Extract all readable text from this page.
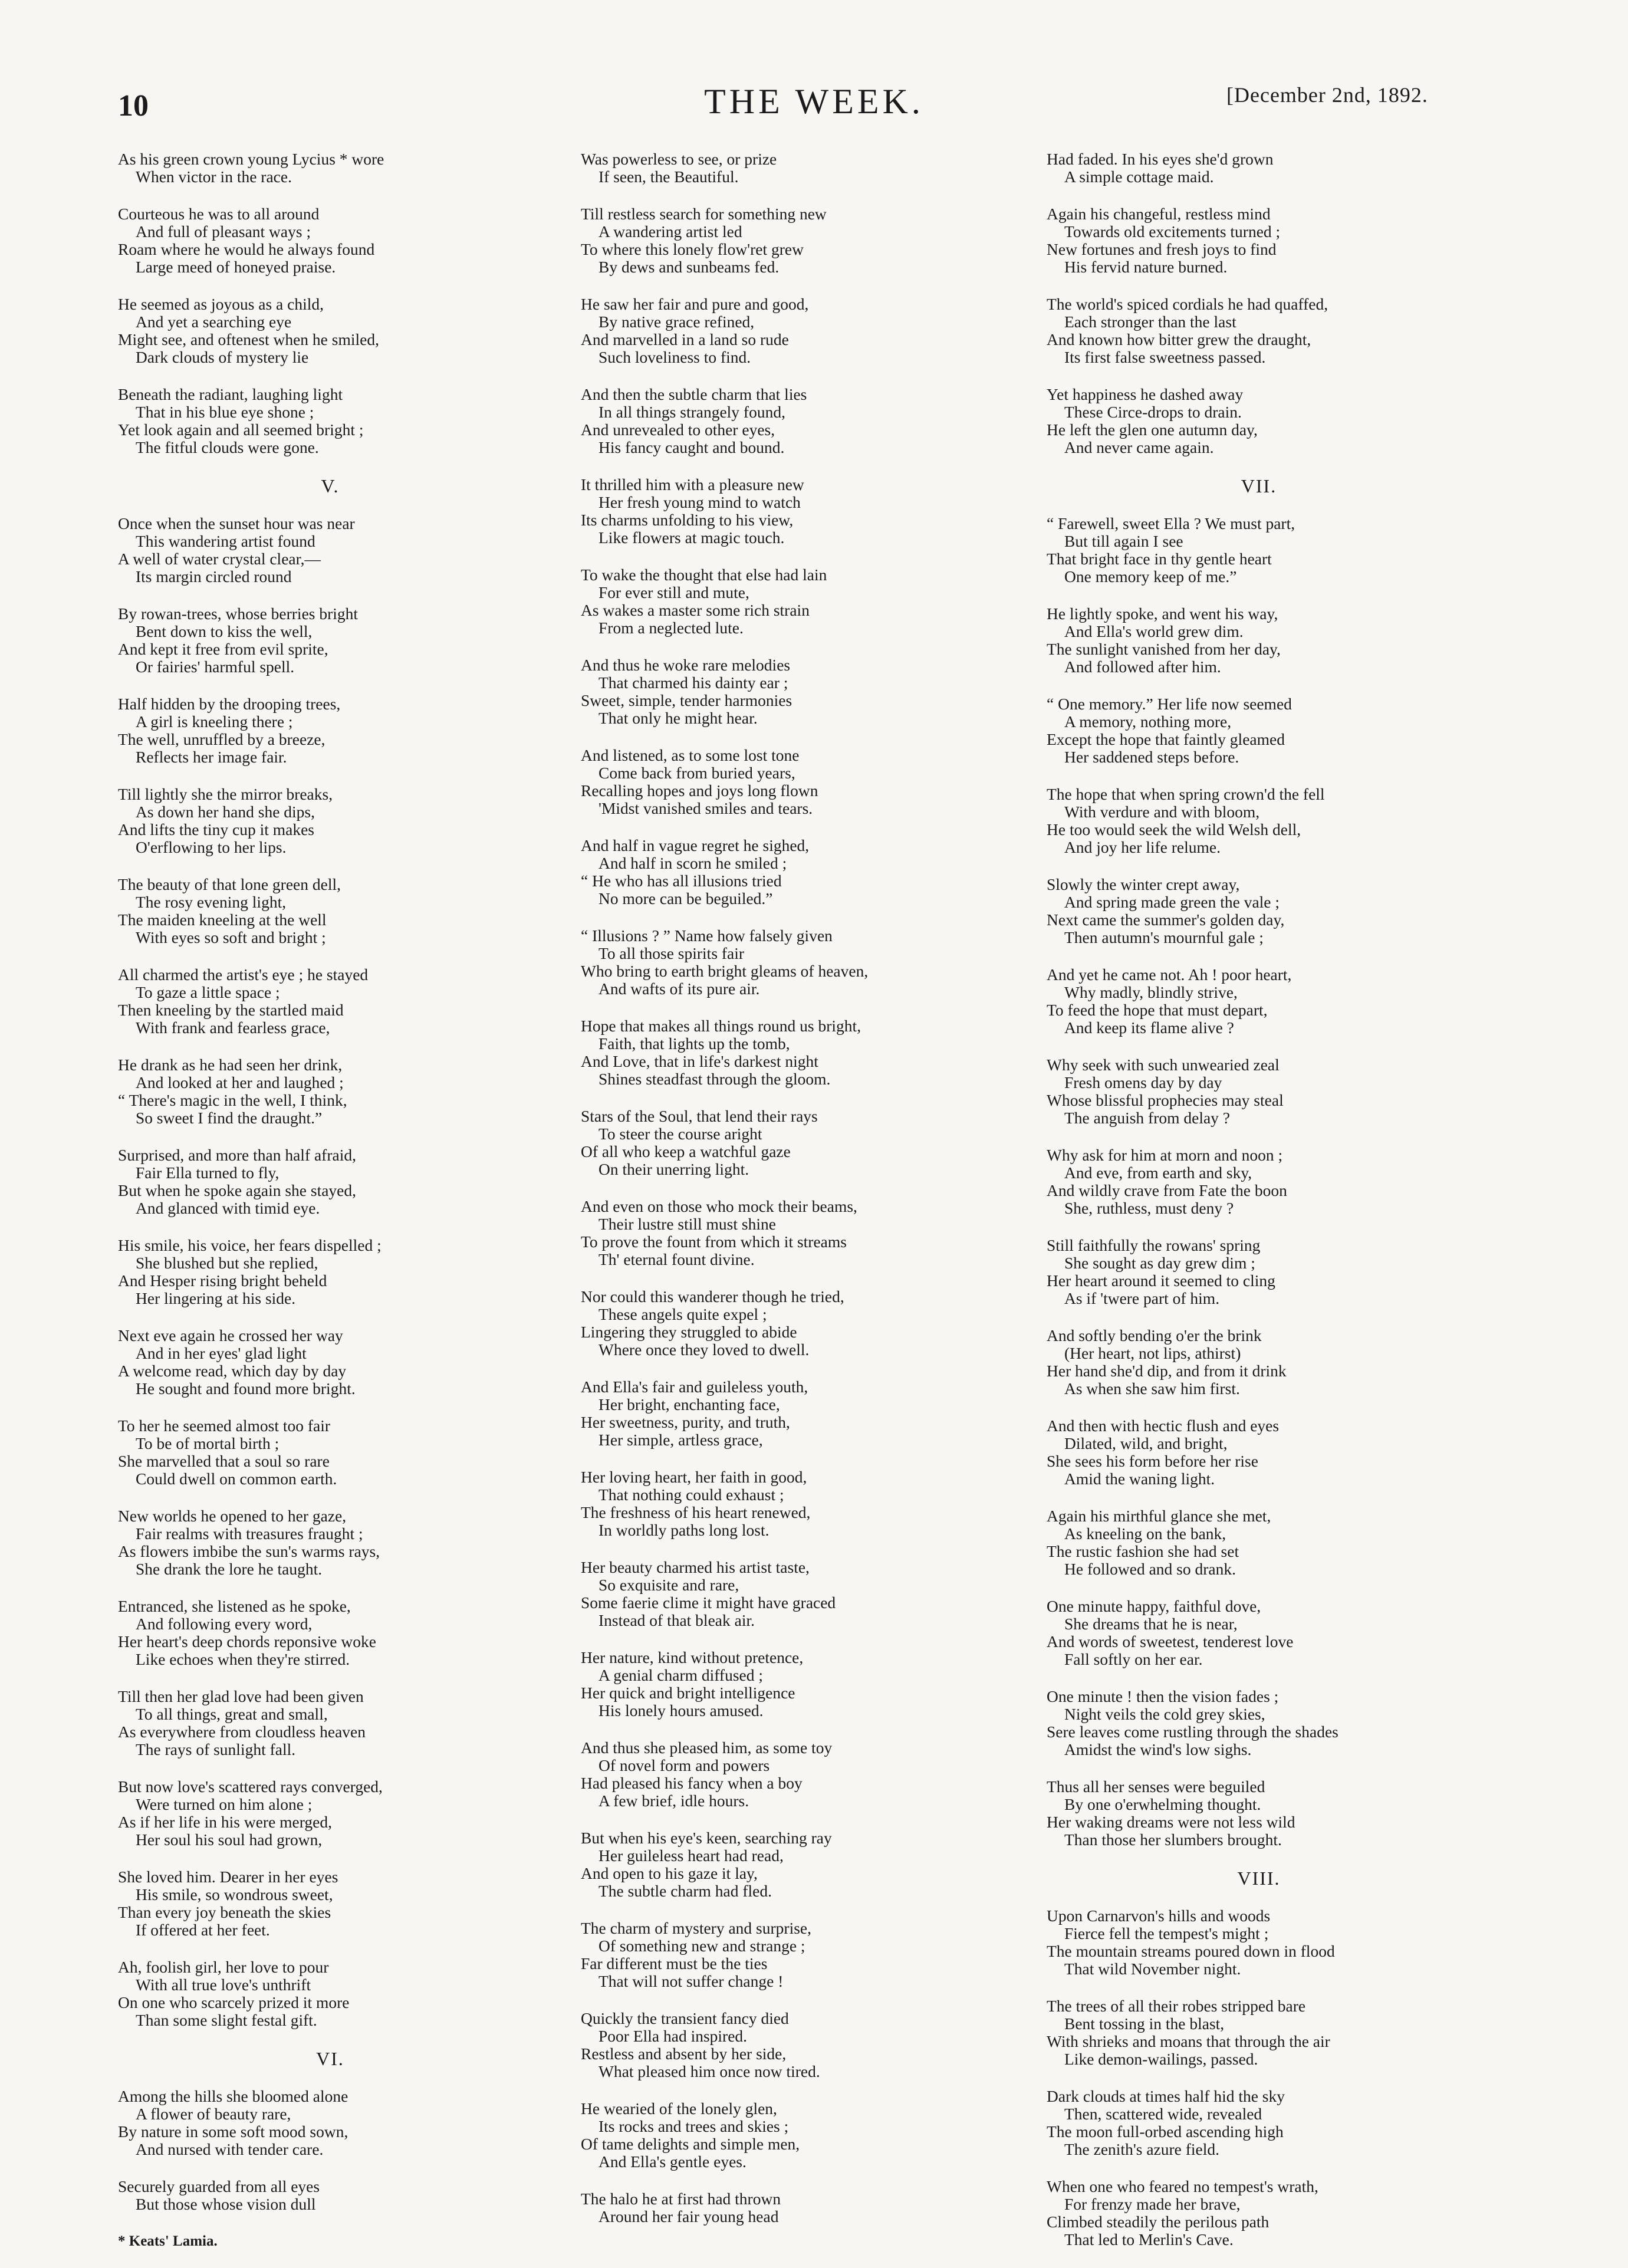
10	THE WEEK.	[December 2nd, 1892.
As his green crown young Lycius * wore
When victor in the race.
Courteous he was to all around
And full of pleasant ways ;
Roam where he would he always found
Large meed of honeyed praise.
He seemed as joyous as a child,
And yet a searching eye
Might see, and oftenest when he smiled,
Dark clouds of mystery lie
Beneath the radiant, laughing light
That in his blue eye shone ;
Yet look again and all seemed bright ;
The fitful clouds were gone.
V.
Once when the sunset hour was near
This wandering artist found
A well of water crystal clear,—
Its margin circled round
By rowan-trees, whose berries bright
Bent down to kiss the well,
And kept it free from evil sprite,
Or fairies' harmful spell.
Half hidden by the drooping trees,
A girl is kneeling there ;
The well, unruffled by a breeze,
Reflects her image fair.
Till lightly she the mirror breaks,
As down her hand she dips,
And lifts the tiny cup it makes
O'erflowing to her lips.
The beauty of that lone green dell,
The rosy evening light,
The maiden kneeling at the well
With eyes so soft and bright ;
All charmed the artist's eye ; he stayed
To gaze a little space ;
Then kneeling by the startled maid
With frank and fearless grace,
He drank as he had seen her drink,
And looked at her and laughed ;
“ There's magic in the well, I think,
So sweet I find the draught.”
Surprised, and more than half afraid,
Fair Ella turned to fly,
But when he spoke again she stayed,
And glanced with timid eye.
His smile, his voice, her fears dispelled ;
She blushed but she replied,
And Hesper rising bright beheld
Her lingering at his side.
Next eve again he crossed her way
And in her eyes' glad light
A welcome read, which day by day
He sought and found more bright.
To her he seemed almost too fair
To be of mortal birth ;
She marvelled that a soul so rare
Could dwell on common earth.
New worlds he opened to her gaze,
Fair realms with treasures fraught ;
As flowers imbibe the sun's warms rays,
She drank the lore he taught.
Entranced, she listened as he spoke,
And following every word,
Her heart's deep chords reponsive woke
Like echoes when they're stirred.
Till then her glad love had been given
To all things, great and small,
As everywhere from cloudless heaven
The rays of sunlight fall.
But now love's scattered rays converged,
Were turned on him alone ;
As if her life in his were merged,
Her soul his soul had grown,
She loved him. Dearer in her eyes
His smile, so wondrous sweet,
Than every joy beneath the skies
If offered at her feet.
Ah, foolish girl, her love to pour
With all true love's unthrift
On one who scarcely prized it more
Than some slight festal gift.
VI.
Among the hills she bloomed alone
A flower of beauty rare,
By nature in some soft mood sown,
And nursed with tender care.
Securely guarded from all eyes
But those whose vision dull
* Keats' Lamia.
Was powerless to see, or prize
If seen, the Beautiful.
Till restless search for something new
A wandering artist led
To where this lonely flow'ret grew
By dews and sunbeams fed.
He saw her fair and pure and good,
By native grace refined,
And marvelled in a land so rude
Such loveliness to find.
And then the subtle charm that lies
In all things strangely found,
And unrevealed to other eyes,
His fancy caught and bound.
It thrilled him with a pleasure new
Her fresh young mind to watch
Its charms unfolding to his view,
Like flowers at magic touch.
To wake the thought that else had lain
For ever still and mute,
As wakes a master some rich strain
From a neglected lute.
And thus he woke rare melodies
That charmed his dainty ear ;
Sweet, simple, tender harmonies
That only he might hear.
And listened, as to some lost tone
Come back from buried years,
Recalling hopes and joys long flown
'Midst vanished smiles and tears.
And half in vague regret he sighed,
And half in scorn he smiled ;
“ He who has all illusions tried
No more can be beguiled.”
“ Illusions ? ” Name how falsely given
To all those spirits fair
Who bring to earth bright gleams of heaven,
And wafts of its pure air.
Hope that makes all things round us bright,
Faith, that lights up the tomb,
And Love, that in life's darkest night
Shines steadfast through the gloom.
Stars of the Soul, that lend their rays
To steer the course aright
Of all who keep a watchful gaze
On their unerring light.
And even on those who mock their beams,
Their lustre still must shine
To prove the fount from which it streams
Th' eternal fount divine.
Nor could this wanderer though he tried,
These angels quite expel ;
Lingering they struggled to abide
Where once they loved to dwell.
And Ella's fair and guileless youth,
Her bright, enchanting face,
Her sweetness, purity, and truth,
Her simple, artless grace,
Her loving heart, her faith in good,
That nothing could exhaust ;
The freshness of his heart renewed,
In worldly paths long lost.
Her beauty charmed his artist taste,
So exquisite and rare,
Some faerie clime it might have graced
Instead of that bleak air.
Her nature, kind without pretence,
A genial charm diffused ;
Her quick and bright intelligence
His lonely hours amused.
And thus she pleased him, as some toy
Of novel form and powers
Had pleased his fancy when a boy
A few brief, idle hours.
But when his eye's keen, searching ray
Her guileless heart had read,
And open to his gaze it lay,
The subtle charm had fled.
The charm of mystery and surprise,
Of something new and strange ;
Far different must be the ties
That will not suffer change !
Quickly the transient fancy died
Poor Ella had inspired.
Restless and absent by her side,
What pleased him once now tired.
He wearied of the lonely glen,
Its rocks and trees and skies ;
Of tame delights and simple men,
And Ella's gentle eyes.
The halo he at first had thrown
Around her fair young head
Had faded. In his eyes she'd grown
A simple cottage maid.
Again his changeful, restless mind
Towards old excitements turned ;
New fortunes and fresh joys to find
His fervid nature burned.
The world's spiced cordials he had quaffed,
Each stronger than the last
And known how bitter grew the draught,
Its first false sweetness passed.
Yet happiness he dashed away
These Circe-drops to drain.
He left the glen one autumn day,
And never came again.
VII.
“ Farewell, sweet Ella ? We must part,
But till again I see
That bright face in thy gentle heart
One memory keep of me.”
He lightly spoke, and went his way,
And Ella's world grew dim.
The sunlight vanished from her day,
And followed after him.
“ One memory.” Her life now seemed
A memory, nothing more,
Except the hope that faintly gleamed
Her saddened steps before.
The hope that when spring crown'd the fell
With verdure and with bloom,
He too would seek the wild Welsh dell,
And joy her life relume.
Slowly the winter crept away,
And spring made green the vale ;
Next came the summer's golden day,
Then autumn's mournful gale ;
And yet he came not. Ah ! poor heart,
Why madly, blindly strive,
To feed the hope that must depart,
And keep its flame alive ?
Why seek with such unwearied zeal
Fresh omens day by day
Whose blissful prophecies may steal
The anguish from delay ?
Why ask for him at morn and noon ;
And eve, from earth and sky,
And wildly crave from Fate the boon
She, ruthless, must deny ?
Still faithfully the rowans' spring
She sought as day grew dim ;
Her heart around it seemed to cling
As if 'twere part of him.
And softly bending o'er the brink
(Her heart, not lips, athirst)
Her hand she'd dip, and from it drink
As when she saw him first.
And then with hectic flush and eyes
Dilated, wild, and bright,
She sees his form before her rise
Amid the waning light.
Again his mirthful glance she met,
As kneeling on the bank,
The rustic fashion she had set
He followed and so drank.
One minute happy, faithful dove,
She dreams that he is near,
And words of sweetest, tenderest love
Fall softly on her ear.
One minute ! then the vision fades ;
Night veils the cold grey skies,
Sere leaves come rustling through the shades
Amidst the wind's low sighs.
Thus all her senses were beguiled
By one o'erwhelming thought.
Her waking dreams were not less wild
Than those her slumbers brought.
VIII.
Upon Carnarvon's hills and woods
Fierce fell the tempest's might ;
The mountain streams poured down in flood
That wild November night.
The trees of all their robes stripped bare
Bent tossing in the blast,
With shrieks and moans that through the air
Like demon-wailings, passed.
Dark clouds at times half hid the sky
Then, scattered wide, revealed
The moon full-orbed ascending high
The zenith's azure field.
When one who feared no tempest's wrath,
For frenzy made her brave,
Climbed steadily the perilous path
That led to Merlin's Cave.
